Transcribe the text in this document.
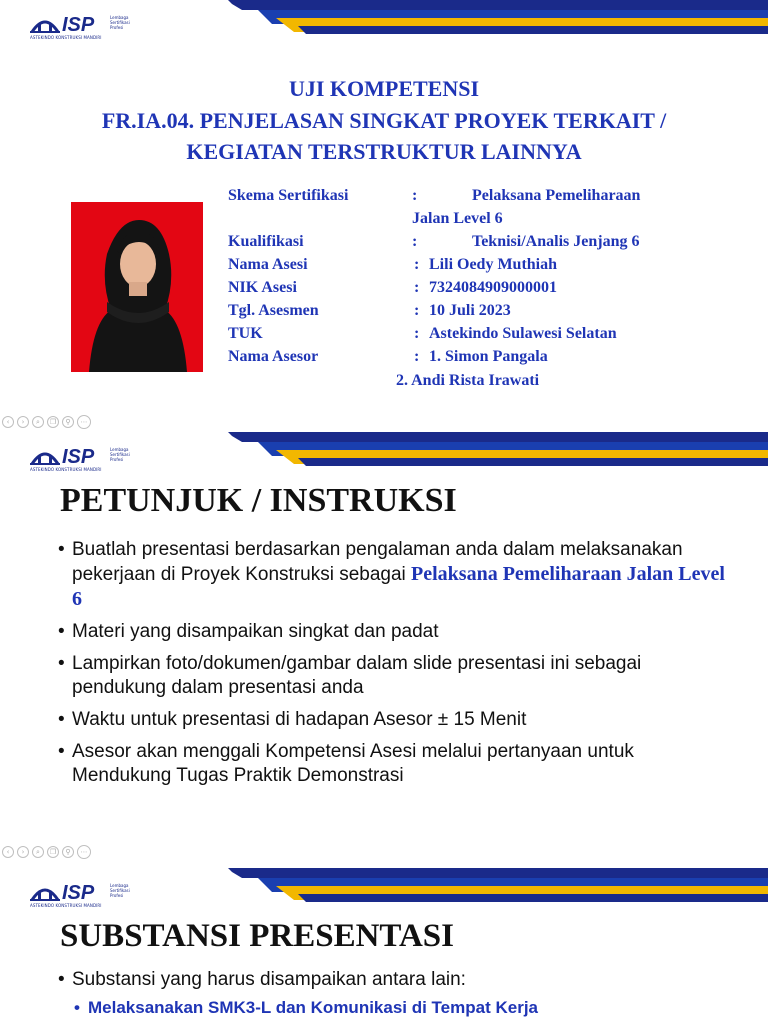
ISP	Lembaga
Sertifikasi
Profesi
ASTEKINDO KONSTRUKSI MANDIRI
UJI KOMPETENSI
FR.IA.04. PENJELASAN SINGKAT PROYEK TERKAIT /
KEGIATAN TERSTRUKTUR LAINNYA
Skema Sertifikasi	:	Pelaksana Pemeliharaan
Jalan Level 6
Kualifikasi	:	Teknisi/Analis Jenjang 6
Nama Asesi	: Lili Oedy Muthiah
NIK Asesi	: 7324084909000001
Tgl. Asesmen	: 10 Juli 2023
TUK	: Astekindo Sulawesi Selatan
Nama Asesor	: 1. Simon Pangala
2. Andi Rista Irawati
‹	›	⌕	❐	⚲	⋯
ISP	Lembaga
Sertifikasi
Profesi
ASTEKINDO KONSTRUKSI MANDIRI
PETUNJUK / INSTRUKSI
• Buatlah presentasi berdasarkan pengalaman anda dalam melaksanakan pekerjaan di Proyek Konstruksi sebagai Pelaksana Pemeliharaan Jalan Level 6
• Materi yang disampaikan singkat dan padat
• Lampirkan foto/dokumen/gambar dalam slide presentasi ini sebagai pendukung dalam presentasi anda
• Waktu untuk presentasi di hadapan Asesor ± 15 Menit
• Asesor akan menggali Kompetensi Asesi melalui pertanyaan untuk Mendukung Tugas Praktik Demonstrasi
‹	›	⌕	❐	⚲	⋯
ISP	Lembaga
Sertifikasi
Profesi
ASTEKINDO KONSTRUKSI MANDIRI
SUBSTANSI PRESENTASI
• Substansi yang harus disampaikan antara lain:
• Melaksanakan SMK3-L dan Komunikasi di Tempat Kerja
